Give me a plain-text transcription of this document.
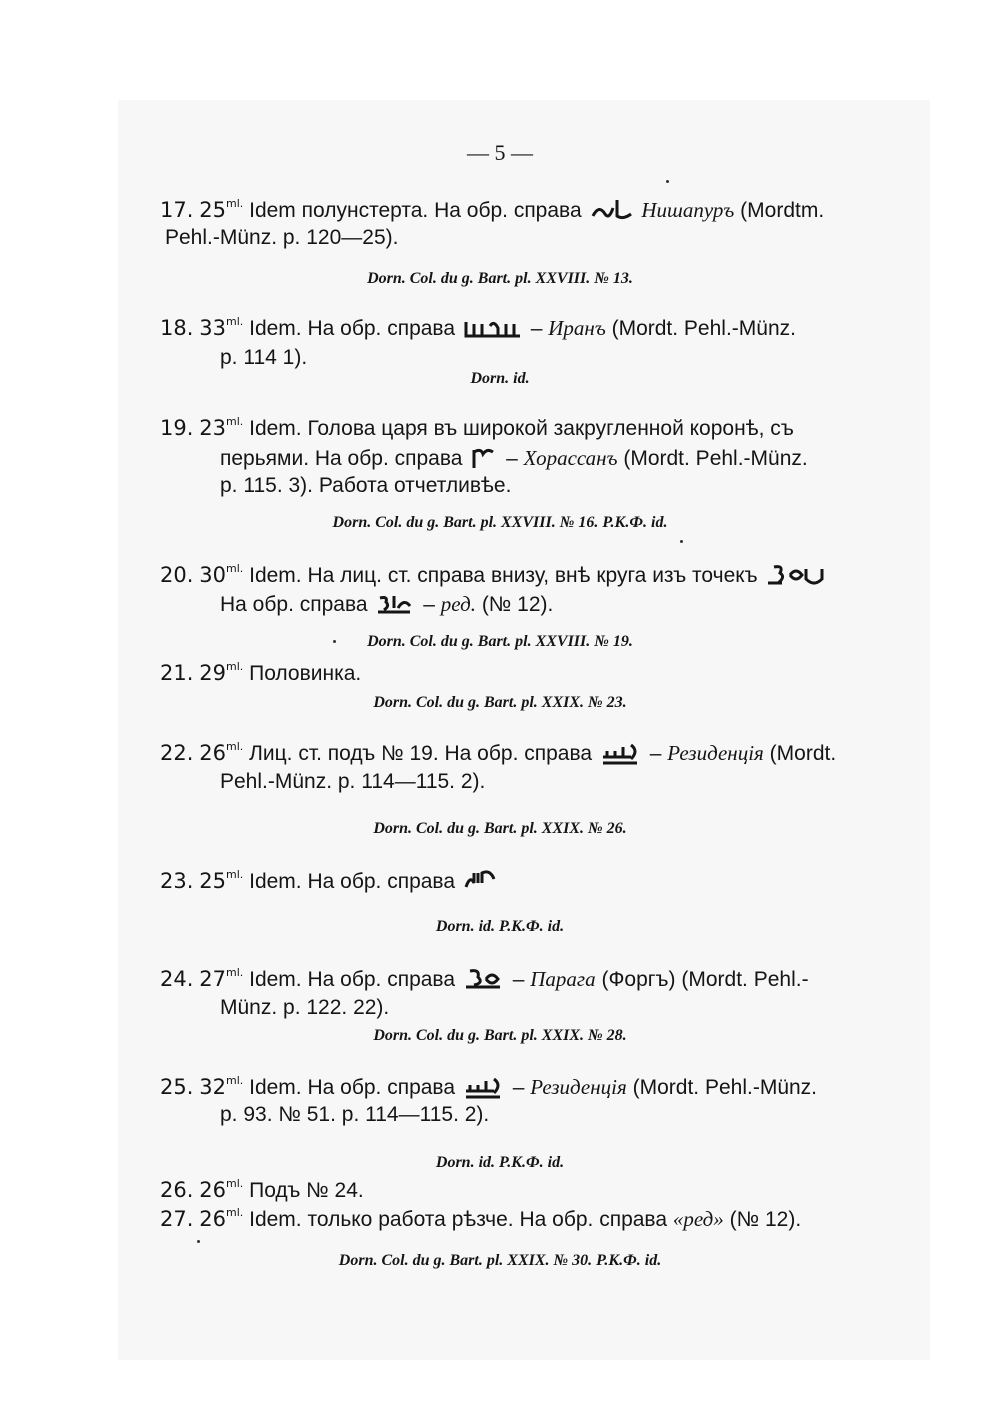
— 5 —
17. $25^{ml.}$ Idem полунстерта. На обр. справа	Нишапуръ (Mordtm.
Pehl.-Münz. p. 120—25).
Dorn. Col. du g. Bart. pl. XXVIII. № 13.
18. $33^{ml.}$ Idem. На обр. справа	– Иранъ (Mordt. Pehl.-Münz.
p. 114 1).
Dorn. id.
19. $23^{ml.}$ Idem. Голова царя въ широкой закругленной коронѣ, съ
перьями. На обр. справа – Хорассанъ (Mordt. Pehl.-Münz.
p. 115. 3). Работа отчетливѣе.
Dorn. Col. du g. Bart. pl. XXVIII. № 16. Р.К.Ф. id.
20. $30^{ml.}$ Idem. На лиц. ст. справа внизу, внѣ круга изъ точекъ
На обр. справа	– ред. (№ 12).
Dorn. Col. du g. Bart. pl. XXVIII. № 19.
21. $29^{ml.}$ Половинка.
Dorn. Col. du g. Bart. pl. XXIX. № 23.
22. $26^{ml.}$ Лиц. ст. подъ № 19. На обр. справа	– Резиденція (Mordt.
Pehl.-Münz. p. 114—115. 2).
Dorn. Col. du g. Bart. pl. XXIX. № 26.
23. $25^{ml.}$ Idem. На обр. справа
Dorn. id. Р.К.Ф. id.
24. $27^{ml.}$ Idem. На обр. справа	– Парага (Форгъ) (Mordt. Pehl.-
Münz. p. 122. 22).
Dorn. Col. du g. Bart. pl. XXIX. № 28.
25. $32^{ml.}$ Idem. На обр. справа	– Резиденція (Mordt. Pehl.-Münz.
p. 93. № 51. p. 114—115. 2).
Dorn. id. Р.К.Ф. id.
26. $26^{ml.}$ Подъ № 24.
27. $26^{ml.}$ Idem. только работа рѣзче. На обр. справа «ред» (№ 12).
Dorn. Col. du g. Bart. pl. XXIX. № 30. Р.К.Ф. id.
